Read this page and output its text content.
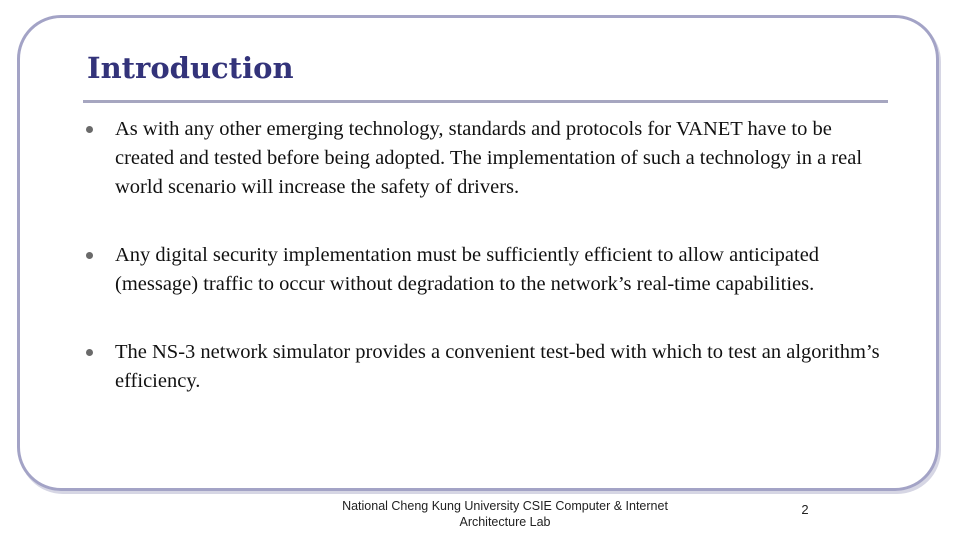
Introduction
As with any other emerging technology, standards and protocols for VANET have to be created and tested before being adopted. The implementation of such a technology in a real world scenario will increase the safety of drivers.
Any digital security implementation must be sufficiently efficient to allow anticipated (message) traffic to occur without degradation to the network’s real-time capabilities.
The NS-3 network simulator provides a convenient test-bed with which to test an algorithm’s efficiency.
National Cheng Kung University CSIE Computer & Internet
Architecture Lab
2
